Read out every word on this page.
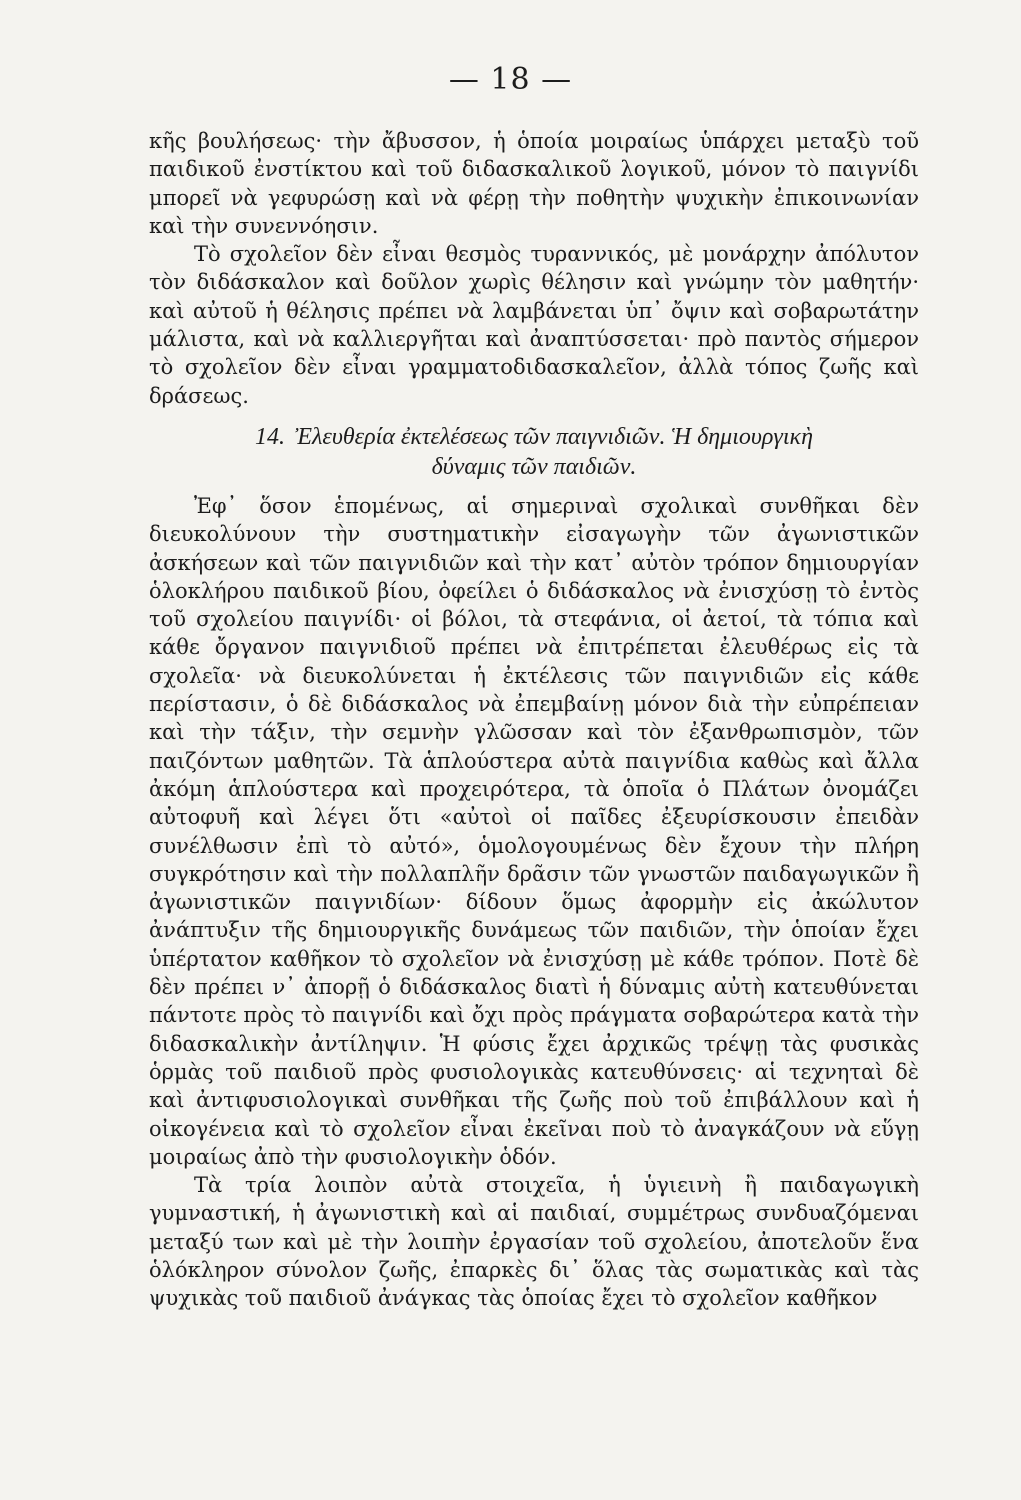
— 18 —

κῆς βουλήσεως· τὴν ἄβυσσον, ἡ ὁποία μοιραίως ὑπάρχει μεταξὺ τοῦ παιδικοῦ ἐνστίκτου καὶ τοῦ διδασκαλικοῦ λογικοῦ, μόνον τὸ παιγνίδι μπορεῖ νὰ γεφυρώσῃ καὶ νὰ φέρῃ τὴν ποθητὴν ψυχικὴν ἐπικοινωνίαν καὶ τὴν συνεννόησιν.

Τὸ σχολεῖον δὲν εἶναι θεσμὸς τυραννικός, μὲ μονάρχην ἀπόλυτον τὸν διδάσκαλον καὶ δοῦλον χωρὶς θέλησιν καὶ γνώμην τὸν μαθητήν· καὶ αὐτοῦ ἡ θέλησις πρέπει νὰ λαμβάνεται ὑπ᾽ ὄψιν καὶ σοβαρωτάτην μάλιστα, καὶ νὰ καλλιεργῆται καὶ ἀναπτύσσεται· πρὸ παντὸς σήμερον τὸ σχολεῖον δὲν εἶναι γραμματοδιδασκαλεῖον, ἀλλὰ τόπος ζωῆς καὶ δράσεως.

14. Ἐλευθερία ἐκτελέσεως τῶν παιγνιδιῶν. Ἡ δημιουργικὴ
δύναμις τῶν παιδιῶν.

Ἐφ᾽ ὅσον ἑπομένως, αἱ σημεριναὶ σχολικαὶ συνθῆκαι δὲν διευκολύνουν τὴν συστηματικὴν εἰσαγωγὴν τῶν ἀγωνιστικῶν ἀσκήσεων καὶ τῶν παιγνιδιῶν καὶ τὴν κατ᾽ αὐτὸν τρόπον δημιουργίαν ὁλοκλήρου παιδικοῦ βίου, ὀφείλει ὁ διδάσκαλος νὰ ἐνισχύσῃ τὸ ἐντὸς τοῦ σχολείου παιγνίδι· οἱ βόλοι, τὰ στεφάνια, οἱ ἀετοί, τὰ τόπια καὶ κάθε ὄργανον παιγνιδιοῦ πρέπει νὰ ἐπιτρέπεται ἐλευθέρως εἰς τὰ σχολεῖα· νὰ διευκολύνεται ἡ ἐκτέλεσις τῶν παιγνιδιῶν εἰς κάθε περίστασιν, ὁ δὲ διδάσκαλος νὰ ἐπεμβαίνῃ μόνον διὰ τὴν εὐπρέπειαν καὶ τὴν τάξιν, τὴν σεμνὴν γλῶσσαν καὶ τὸν ἐξανθρωπισμὸν, τῶν παιζόντων μαθητῶν. Τὰ ἁπλούστερα αὐτὰ παιγνίδια καθὼς καὶ ἄλλα ἀκόμη ἁπλούστερα καὶ προχειρότερα, τὰ ὁποῖα ὁ Πλάτων ὀνομάζει αὐτοφυῆ καὶ λέγει ὅτι «αὐτοὶ οἱ παῖδες ἐξευρίσκουσιν ἐπειδὰν συνέλθωσιν ἐπὶ τὸ αὐτό», ὁμολογουμένως δὲν ἔχουν τὴν πλήρη συγκρότησιν καὶ τὴν πολλαπλῆν δρᾶσιν τῶν γνωστῶν παιδαγωγικῶν ἢ ἀγωνιστικῶν παιγνιδίων· δίδουν ὅμως ἀφορμὴν εἰς ἀκώλυτον ἀνάπτυξιν τῆς δημιουργικῆς δυνάμεως τῶν παιδιῶν, τὴν ὁποίαν ἔχει ὑπέρτατον καθῆκον τὸ σχολεῖον νὰ ἐνισχύσῃ μὲ κάθε τρόπον. Ποτὲ δὲ δὲν πρέπει ν᾽ ἀπορῇ ὁ διδάσκαλος διατὶ ἡ δύναμις αὐτὴ κατευθύνεται πάντοτε πρὸς τὸ παιγνίδι καὶ ὄχι πρὸς πράγματα σοβαρώτερα κατὰ τὴν διδασκαλικὴν ἀντίληψιν. Ἡ φύσις ἔχει ἀρχικῶς τρέψῃ τὰς φυσικὰς ὁρμὰς τοῦ παιδιοῦ πρὸς φυσιολογικὰς κατευθύνσεις· αἱ τεχνηταὶ δὲ καὶ ἀντιφυσιολογικαὶ συνθῆκαι τῆς ζωῆς ποὺ τοῦ ἐπιβάλλουν καὶ ἡ οἰκογένεια καὶ τὸ σχολεῖον εἶναι ἐκεῖναι ποὺ τὸ ἀναγκάζουν νὰ εὕγῃ μοιραίως ἀπὸ τὴν φυσιολογικὴν ὁδόν.

Τὰ τρία λοιπὸν αὐτὰ στοιχεῖα, ἡ ὑγιεινὴ ἢ παιδαγωγικὴ γυμναστική, ἡ ἀγωνιστικὴ καὶ αἱ παιδιαί, συμμέτρως συνδυαζόμεναι μεταξύ των καὶ μὲ τὴν λοιπὴν ἐργασίαν τοῦ σχολείου, ἀποτελοῦν ἕνα ὁλόκληρον σύνολον ζωῆς, ἐπαρκὲς δι᾽ ὅλας τὰς σωματικὰς καὶ τὰς ψυχικὰς τοῦ παιδιοῦ ἀνάγκας τὰς ὁποίας ἔχει τὸ σχολεῖον καθῆκον
